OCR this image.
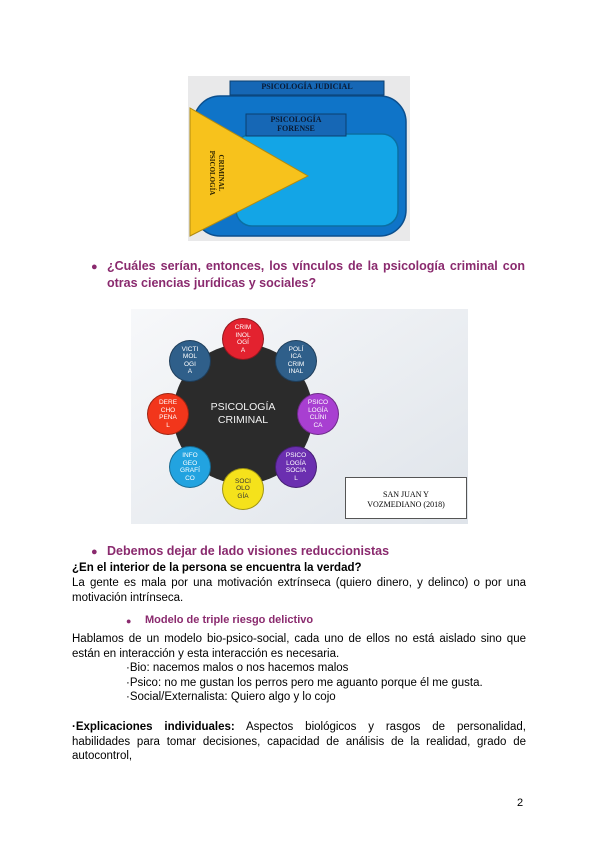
PSICOLOGÍA JUDICIAL
PSICOLOGÍA
FORENSE
CRIMINAL
PSICOLOGÍA
● ¿Cuáles serían, entonces, los vínculos de la psicología criminal con otras ciencias jurídicas y sociales?
PSICOLOGÍA
CRIMINAL
CRIM
INOL
OGÍ
A	POLÍ
ICA
CRIM
INAL
PSICO
LOGÍA
CLÍNI
CA
PSICO
LOGÍA
SOCIA
L
SOCI
OLO
GÍA
INFO
GEO
GRAFÍ
CO
DERE
CHO
PENA
L
VICTI
MOL
OGI
A
SAN JUAN Y
VOZMEDIANO (2018)
● Debemos dejar de lado visiones reduccionistas
¿En el interior de la persona se encuentra la verdad?
La gente es mala por una motivación extrínseca (quiero dinero, y delinco) o por una motivación intrínseca.
● Modelo de triple riesgo delictivo
Hablamos de un modelo bio-psico-social, cada uno de ellos no está aislado sino que están en interacción y esta interacción es necesaria.
·Bio: nacemos malos o nos hacemos malos
·Psico: no me gustan los perros pero me aguanto porque él me gusta.
·Social/Externalista: Quiero algo y lo cojo
·Explicaciones individuales: Aspectos biológicos y rasgos de personalidad, habilidades para tomar decisiones, capacidad de análisis de la realidad, grado de autocontrol,
2
